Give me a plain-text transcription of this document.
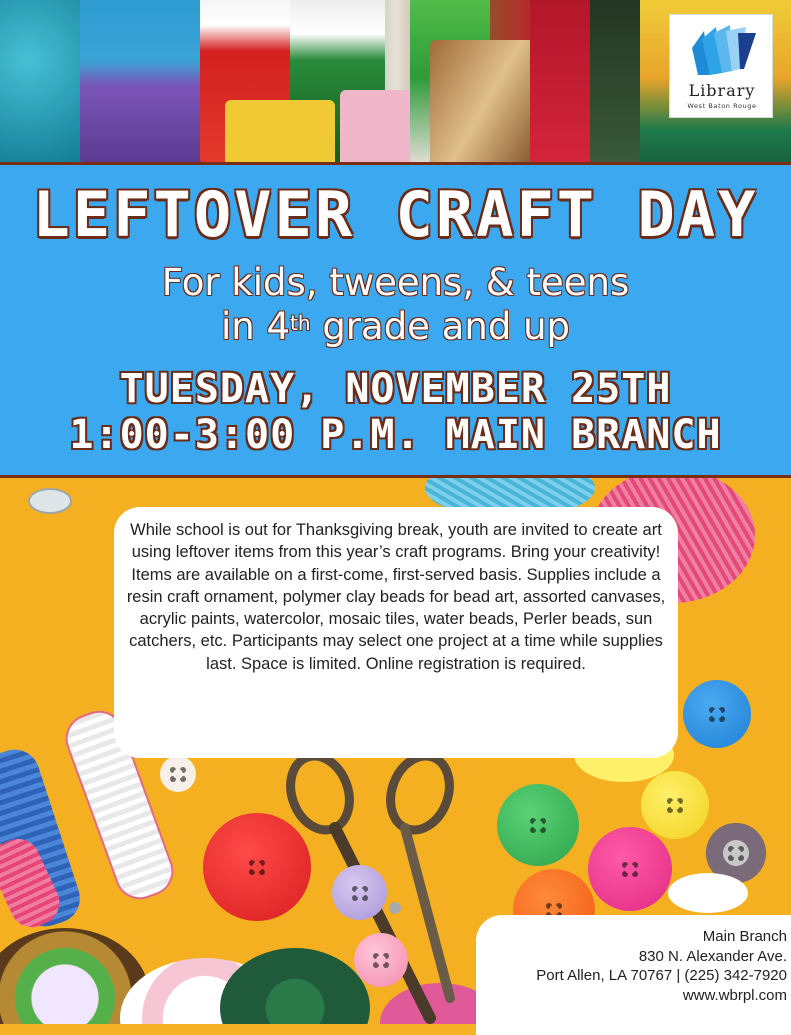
Library
West Baton Rouge
LEFTOVER CRAFT DAY
For kids, tweens, & teens
in 4th grade and up
TUESDAY, NOVEMBER 25TH
1:00-3:00 P.M. MAIN BRANCH

While school is out for Thanksgiving break, youth are invited to create art using leftover items from this year’s craft programs. Bring your creativity!

Items are available on a first-come, first-served basis. Supplies include a resin craft ornament, polymer clay beads for bead art, assorted canvases, acrylic paints, watercolor, mosaic tiles, water beads, Perler beads, sun catchers, etc. Participants may select one project at a time while supplies last. Space is limited. Online registration is required.

Main Branch
830 N. Alexander Ave.
Port Allen, LA 70767 | (225) 342-7920
www.wbrpl.com
